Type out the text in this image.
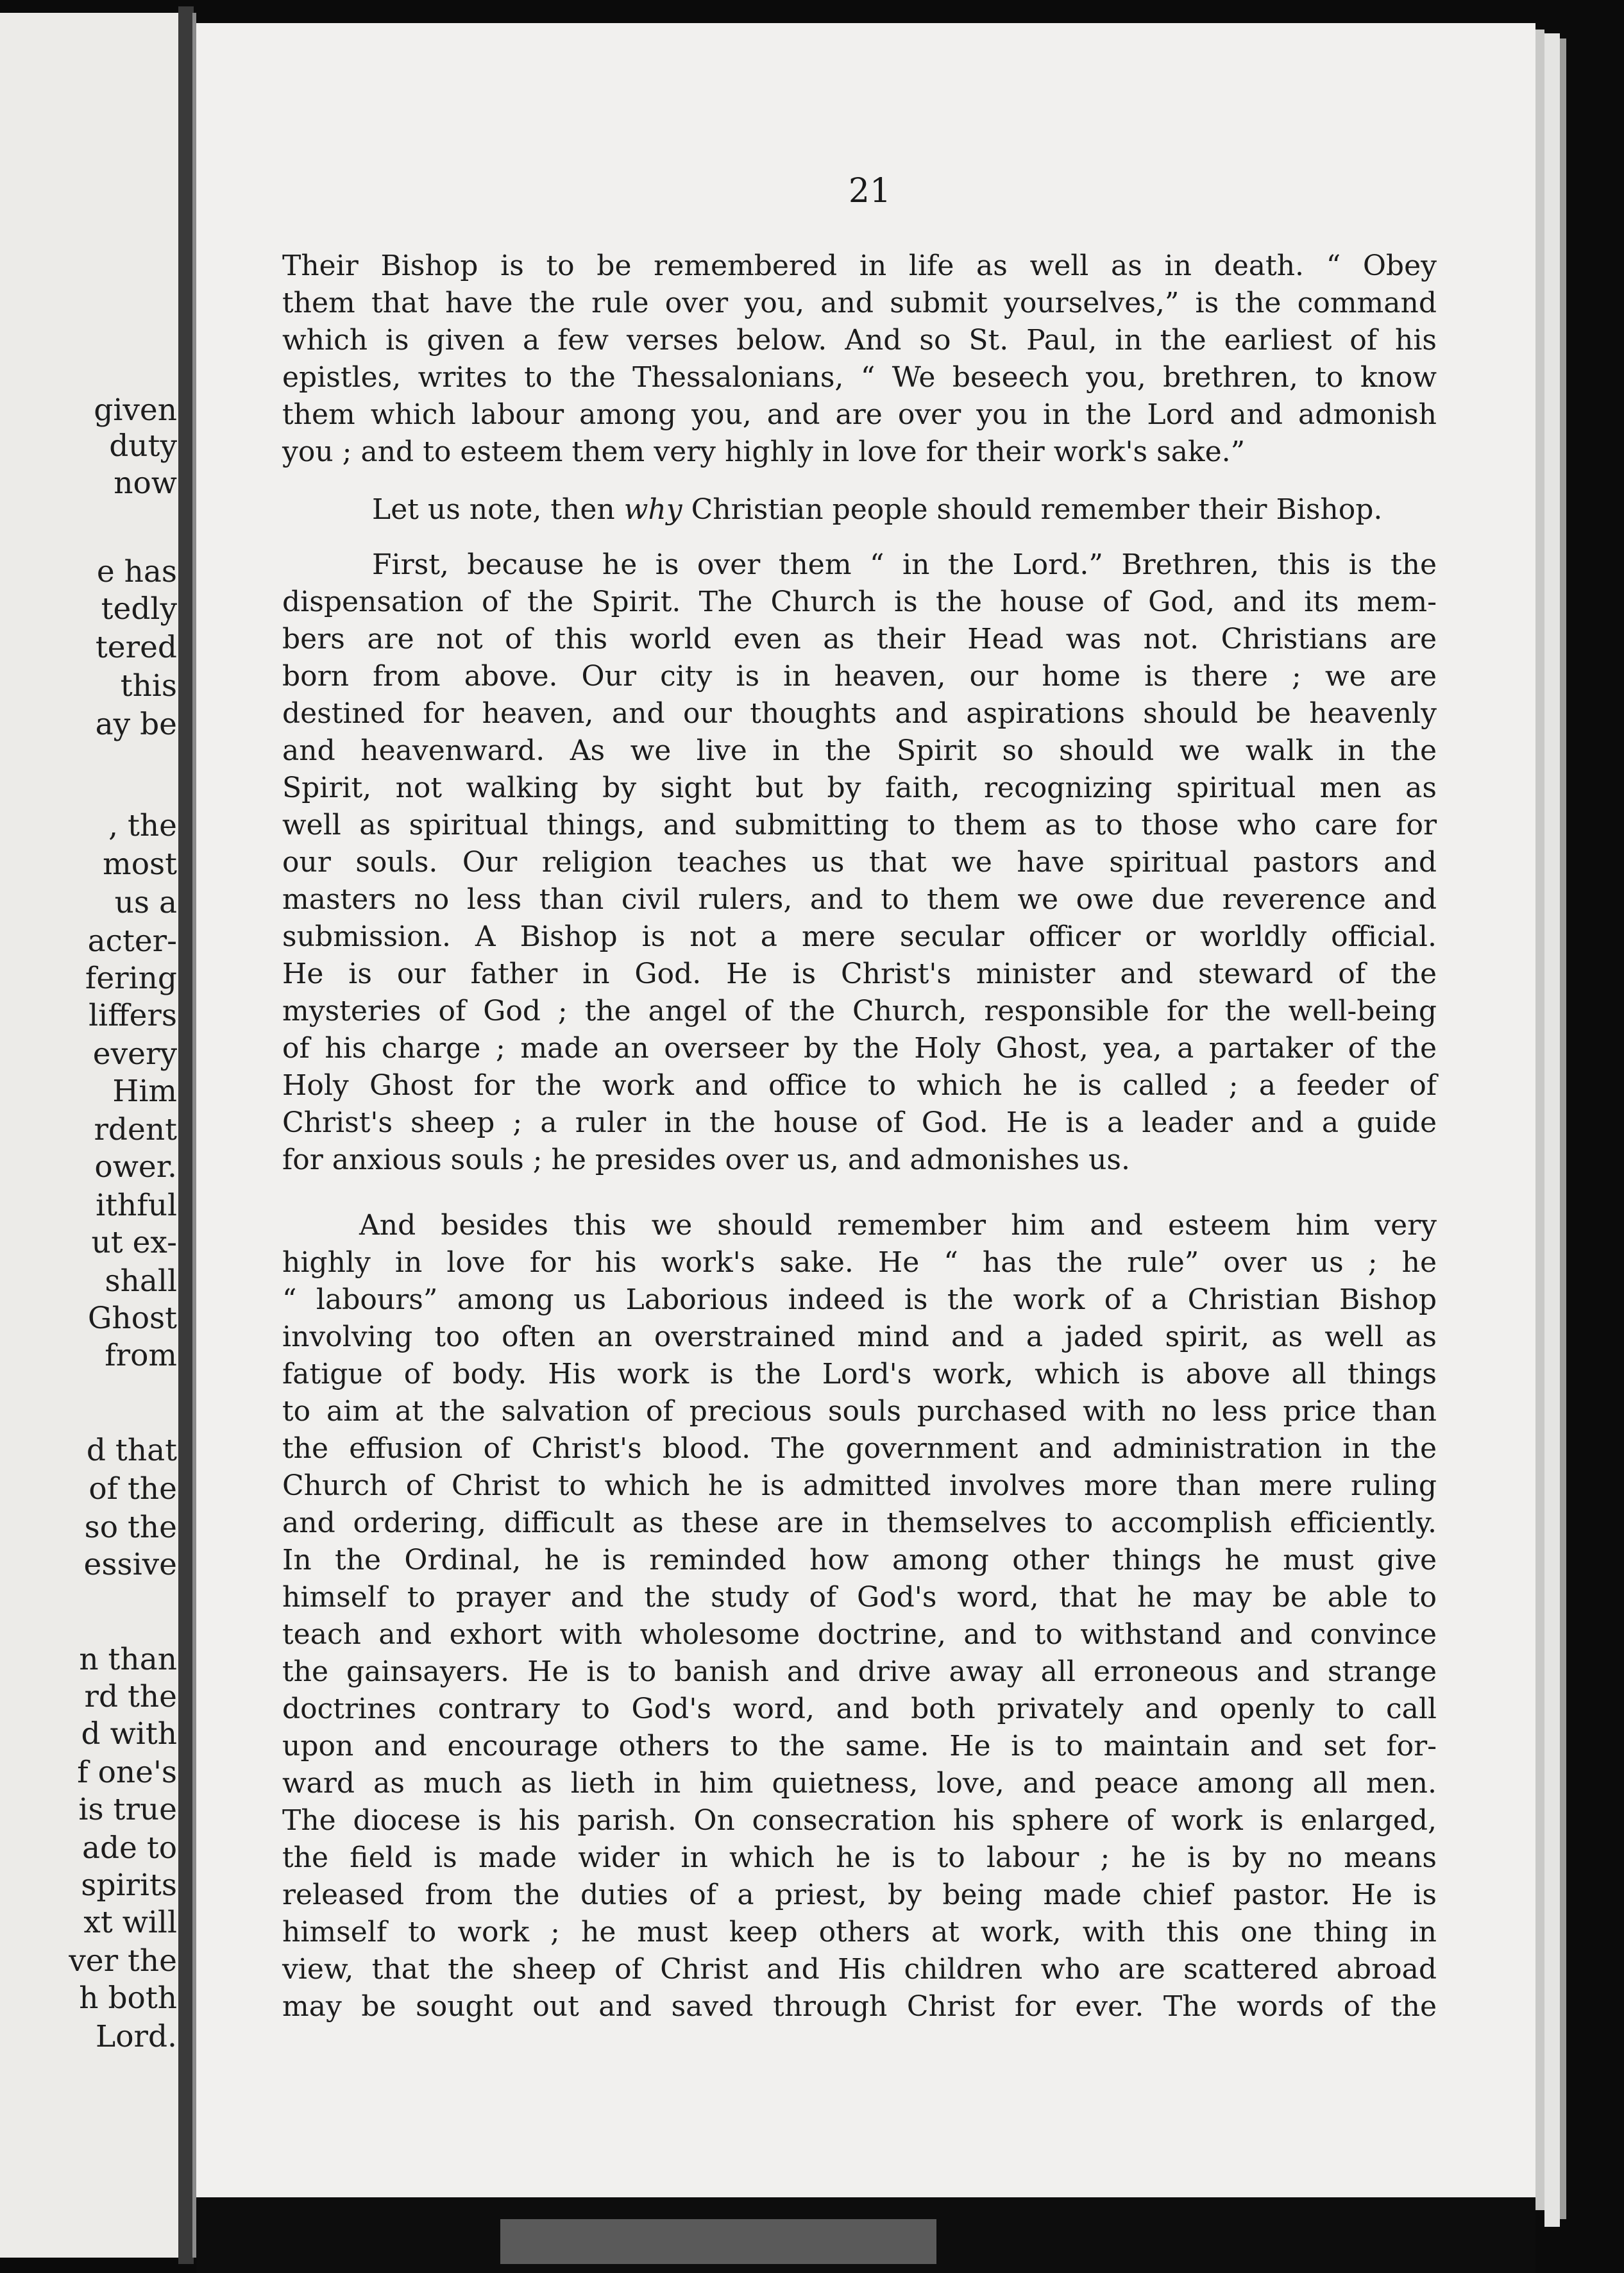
given
duty
now
e has
tedly
tered
this
ay be
, the
most
us a
acter-
fering
liffers
every
Him
rdent
ower.
ithful
ut ex-
shall
Ghost
from
d that
of the
so the
essive
n than
rd the
d with
f one's
is true
ade to
spirits
xt will
ver the
h both
Lord.
21

Their Bishop is to be remembered in life as well as in death. “ Obey

them that have the rule over you, and submit yourselves,” is the command

which is given a few verses below. And so St. Paul, in the earliest of his

epistles, writes to the Thessalonians, “ We beseech you, brethren, to know

them which labour among you, and are over you in the Lord and admonish

you ; and to esteem them very highly in love for their work's sake.”

Let us note, then why Christian people should remember their Bishop.

First, because he is over them “ in the Lord.” Brethren, this is the

dispensation of the Spirit. The Church is the house of God, and its mem-

bers are not of this world even as their Head was not. Christians are

born from above. Our city is in heaven, our home is there ; we are

destined for heaven, and our thoughts and aspirations should be heavenly

and heavenward. As we live in the Spirit so should we walk in the

Spirit, not walking by sight but by faith, recognizing spiritual men as

well as spiritual things, and submitting to them as to those who care for

our souls. Our religion teaches us that we have spiritual pastors and

masters no less than civil rulers, and to them we owe due reverence and

submission. A Bishop is not a mere secular officer or worldly official.

He is our father in God. He is Christ's minister and steward of the

mysteries of God ; the angel of the Church, responsible for the well-being

of his charge ; made an overseer by the Holy Ghost, yea, a partaker of the

Holy Ghost for the work and office to which he is called ; a feeder of

Christ's sheep ; a ruler in the house of God. He is a leader and a guide

for anxious souls ; he presides over us, and admonishes us.

And besides this we should remember him and esteem him very

highly in love for his work's sake. He “ has the rule” over us ; he

“ labours” among us Laborious indeed is the work of a Christian Bishop

involving too often an overstrained mind and a jaded spirit, as well as

fatigue of body. His work is the Lord's work, which is above all things

to aim at the salvation of precious souls purchased with no less price than

the effusion of Christ's blood. The government and administration in the

Church of Christ to which he is admitted involves more than mere ruling

and ordering, difficult as these are in themselves to accomplish efficiently.

In the Ordinal, he is reminded how among other things he must give

himself to prayer and the study of God's word, that he may be able to

teach and exhort with wholesome doctrine, and to withstand and convince

the gainsayers. He is to banish and drive away all erroneous and strange

doctrines contrary to God's word, and both privately and openly to call

upon and encourage others to the same. He is to maintain and set for-

ward as much as lieth in him quietness, love, and peace among all men.

The diocese is his parish. On consecration his sphere of work is enlarged,

the field is made wider in which he is to labour ; he is by no means

released from the duties of a priest, by being made chief pastor. He is

himself to work ; he must keep others at work, with this one thing in

view, that the sheep of Christ and His children who are scattered abroad

may be sought out and saved through Christ for ever. The words of the
